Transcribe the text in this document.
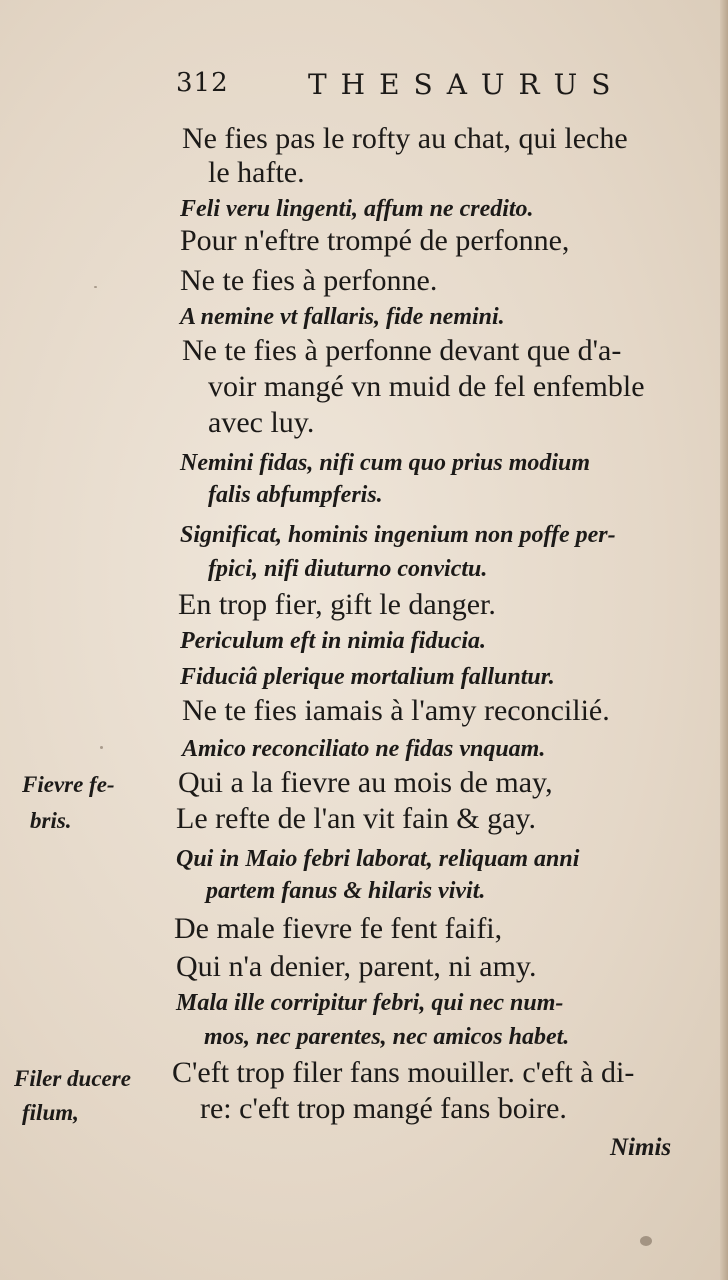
312	THESAURUS
Fievre fe-
bris.
Filer ducere
filum,
Ne fies pas le rofty au chat, qui leche
le hafte.
Feli veru lingenti, affum ne credito.
Pour n'eftre trompé de perfonne,
Ne te fies à perfonne.
A nemine vt fallaris, fide nemini.
Ne te fies à perfonne devant que d'a-
voir mangé vn muid de fel enfemble
avec luy.
Nemini fidas, nifi cum quo prius modium
falis abfumpferis.
Significat, hominis ingenium non poffe per-
fpici, nifi diuturno convictu.
En trop fier, gift le danger.
Periculum eft in nimia fiducia.
Fiduciâ plerique mortalium falluntur.
Ne te fies iamais à l'amy reconcilié.
Amico reconciliato ne fidas vnquam.
Qui a la fievre au mois de may,
Le refte de l'an vit fain & gay.
Qui in Maio febri laborat, reliquam anni
partem fanus & hilaris vivit.
De male fievre fe fent faifi,
Qui n'a denier, parent, ni amy.
Mala ille corripitur febri, qui nec num-
mos, nec parentes, nec amicos habet.
C'eft trop filer fans mouiller. c'eft à di-
re: c'eft trop mangé fans boire.
Nimis
